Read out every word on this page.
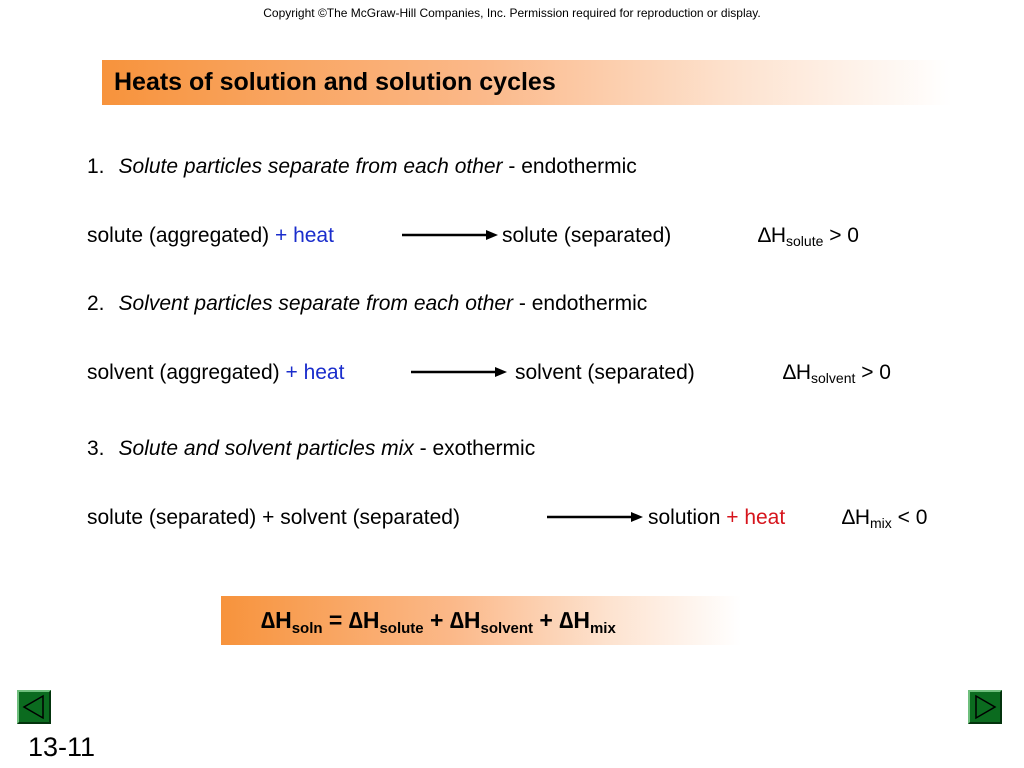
Copyright ©The McGraw-Hill Companies, Inc. Permission required for reproduction or display.
Heats of solution and solution cycles
1. Solute particles separate from each other - endothermic
solute (aggregated) + heat	solute (separated)	$\Delta H_{solute} > 0$
2. Solvent particles separate from each other - endothermic
solvent (aggregated) + heat	solvent (separated)	$\Delta H_{solvent} > 0$
3. Solute and solvent particles mix - exothermic
solute (separated) + solvent (separated)	solution + heat	$\Delta H_{mix} < 0$
$\Delta H_{soln} = \Delta H_{solute} + \Delta H_{solvent} + \Delta H_{mix}$
13-11
